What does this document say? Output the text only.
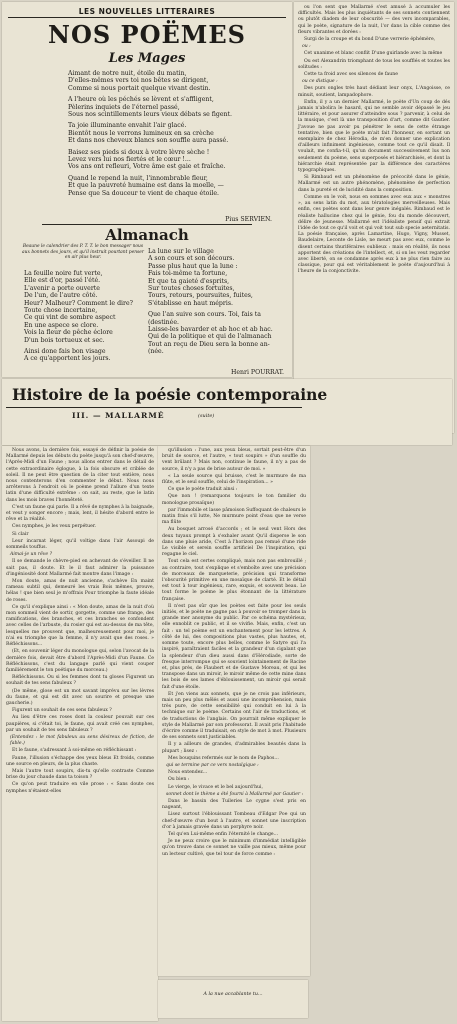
LES NOUVELLES LITTERAIRES
NOS POËMES
Les Mages
Aimant de notre nuit, étoile du matin,
D'elles-mêmes vers toi nos bêtes se dirigent,
Comme si nous portait quelque vivant destin.

A l'heure où les péchés se lèvent et s'affligent,
Pèlerins inquiets de l'éternel passé,
Sous nos scintillements leurs vieux débats se figent.

Ta joie illuminante envahit l'air glacé.
Bientôt nous le verrons lumineux en sa crèche
Et dans nos cheveux blancs son souffle aura passé.

Baisez ses pieds si doux à votre lèvre sèche !
Levez vers lui nos fiertés et le cœur !...
Vos ans ont refleuri, Votre âme est gaie et fraîche.

Quand le repend la nuit, l'innombrable fleur,
Et que la pauvreté humaine est dans la moelle, —
Pense que Sa douceur te vient de chaque étoile.
Pius SERVIEN.
Almanach
Beaune le calendrier des P. T. T. le bon messager nous aux bonnets des jours, et qu'il instruit pourtant penser en air plus heur.
La feuille noire fut verte,
Elle est d'or, passé l'été.
L'avenir a porte ouverte
De l'un, de l'autre côté.
Heur? Malheur? Comment le dire?
Toute chose incertaine,
Ce qui vint de sombre aspect
En une aspece se clore.
Vois la fleur de pêche éclore
D'un bois tortueux et sec.

Ainsi done fais bon visage
A ce qu'apportent les jours.
La lune sur le village
A son cours et son décours.
Passe plus haut que la lune :
Fais toi-même ta fortune,
Et que ta gaieté d'esprits,
Sur toutes choses fortuites,
Tours, retours, poursuites, fuites,
S'établisse en haut mépris.

Que l'an suive son cours. Toi, fais ta
(destinée.
Laisse-les bavarder et ab hoc et ab hac.
Qui de la politique et qui de l'almanach
Tout an reçu de Dieu sera la bonne an-
(née.
Henri POURRAT.

ou l'on sent que Mallarmé s'est amusé à accumuler les difficultés. Mais les plus inquiétants de ses sonnets contiennent ou plutôt diadem de leur obscurité — des vers incomparables, qui le poète, signature de la nuit, l'or dans la cible comme des fleurs vibrantes et dorées :

Surgi de la croupe et du bond D'une verrerie éphémère,

ou :

Cet unanime et blanc conflit D'une guirlande avec la même

Ou est Alexandrin triomphant de tous les soufflés et toutes les solitudes :

Cette ta froid avec ses silences de faune

ou ce distique :

Des purs ongles très haut dédiant leur onyx, L'Angoisse, ce minuit, soutient, lampadophore.

Enfin, il y a un dernier Mallarmé, le poète d'Un coup de dés jamais n'abolira le hasard, qui ne semble avoir dépassé le jeu littéraire, et pour assurer d'atteindre sous ? parvenir, à celui de la musique, c'est là une transposition d'art, comme dit Gautier. J'avoue ne pas avoir pu pénétrer le sens de cette étrange tentative, bien que le poète m'ait fait l'honneur, en sortant un exemplaire de chez Hérodia, de m'en donner une explication d'ailleurs infiniment ingénieuse, comme tout ce qu'il disait. Il voulait, me confia-t-il, qu'un document successivement lus non seulement du poème, sens superposés et hiérarchisés, et dont la hiérarchie était représentée par la différence des caractères typographiques.

Si Rimbaud est un phénomène de précocité dans le génie, Mallarmé est un autre phénomène, phénomène de perfection dans la pureté et de lucidité dans la composition.

Comme on le voit, nous en sommes avec eux aux « monstres », au sens latin du mot, aux tératologies merveilleuses. Mais enfin, ces poètes sont dans leur genre inégalés. Rimbaud est le réaliste hallucine chez qui le génie, fou du monde découvert, délire de jeunesse. Mallarmé est l'idéaliste pensif qui extrait l'idée de tout ce qu'il voit et qui voit tout sub specie aeternitatis. La poésie française, après Lamartine, Hugo, Vigny, Musset, Baudelaire, Leconte de Lisle, ne meurt pas avec eux, comme le disent certains thuriféraires oublieux : mais en réalité, ils nous apportent des créations de l'intellect, et, si on les veut regarder avec liberté, on se condamne après eux à ne plus rien faire au classique, pour qui est véritablement le poète d'aujourd'hui à l'heure de la conjonctivite.

Histoire de la poésie contemporaine
III. — MALLARMÉ	(suite)

Nous avons, la dernière fois, essayé de définir la poésie de Mallarmé depuis les débuts du poète jusqu'à son chef-d'œuvre, l'Après-Midi d'un Faune ; nous allons entrer dans le détail de cette extraordinaire églogue, à la fois obscure et criblée de soleil. Il ne peut être question de la citer tout entière, nous nous contenterons d'en commenter le début. Nous nous arrêterons à l'endroit où le poème prend l'allure d'un texte latin d'une difficulté extrême : on sait, au reste, que le latin dans les mois braves l'honnêteté.

C'est un faune qui parle. Il a rêvé de nymphes à la baignade, et veut y songer encore ; mais, lent, il hésite d'abord entre le rêve et la réalité.

Ces nymphes, je les veux perpétuer.

Si clair

Leur incarnat léger, qu'il voltige dans l'air Assoupi de sommeils touffus.

Aimai-je un rêve ?

Il se demande le chèvre-pied en achevant de s'éveiller. Il ne sait pas, il doute. Et le il faut admirer la puissance d'ingéniosité dont Mallarmé fait montre dans l'image :

Mon doute, amas de nuit ancienne, s'achève En maint rameau subtil qui, demeuré les vrais Bois mêmes, prouve, hélas ! que bien seul je m'offrais Pour triomphe la faute idéale de roses.

Ce qu'il s'explique ainsi : « Mon doute, amas de la nuit d'où mon sommeil vient de sortir, gorgette, comme une frange, des ramifications, des branches, et ces branches se confondent avec celles de l'arbuste, du rosier qui est au-dessus de ma tête, lesquelles me prouvent que, malheureusement pour moi, je n'ai eu triomphe que la femme, il n'y avait que des roses. » Réfléchissons...

(Et, en souvenir léger du monologue qui, selon l'avocat de la dernière fois, devait être d'abord l'Après-Midi d'un Faune. Ce Réfléchissons, c'est du langage parlé qui vient couper familièrement le ton poétique du morceau.)

Réfléchissons. Ou si les femmes dont tu gloses Figurent un souhait de tes sens fabuleux ?

(De même, glose est un mot savant imprévu sur les lèvres du faune, et qui est dit avec un sourire et presque une gaucherie.)

Figurent un souhait de ces sens fabuleux ?

Au lieu d'être ces roses dont la couleur pouvait sur ces paupières, si c'était toi, le faune, qui avait créé ces nymphes, par un souhait de tes sens fabuleux ?

(Entendez : le mot fabuleux au sens désireux de fiction, de fable.)

Et le faune, s'adressant à soi-même en réfléchissant :

Faune, l'illusion s'échappe des yeux bleus Et froids, comme une source en pleurs, de la plus chaste.

Mais l'autre tout soupirs, dis-tu qu'elle contraste Comme brise du jour chaude dans ta toison ?

Ce qu'on peut traduire en vile prose : « Sans doute ces nymphes n'étaient-elles

qu'illusion : l'une, aux yeux bleus, sortait peut-être d'un bruit de source, et l'autre, « tout soupirs » d'un souffle du vent brûlant ? Mais non, continue le faune, il n'y a pas de source, il n'y a pas de brise autour de moi. »

« La seule source qui bruisse, c'est le murmure de ma flûte, et le seul souffle, celui de l'inspiration... »

Ce que le poète traduit ainsi :

Que non ! (remarquons toujours le ton familier du monologue prosaïque)

par l'immobile et lasse pâmoison Suffoquant de chaleurs le matin frais s'il lutte, Ne murmure point d'eau que ne verse ma flûte

Au bosquet arrosé d'accords ; et le seul vent Hors des deux tuyaux prompt à s'exhaler avant Qu'il disperse le son dans une pluie aride, C'est à l'horizon pas remué d'une ride Le visible et serein souffle artificiel De l'inspiration, qui regagne le ciel.

Tout cela est certes compliqué, mais non pas embrouillé ; au contraire, tout s'explique et s'emboîte avec une précision de morceaux de marqueterie, précision qui transforme l'obscurité primitive en une mosaïque de clarté. Et le détail est tout à tour ingénieux, rare, exquis, et souvent beau. Le tout forme le poème le plus étonnant de la littérature française.

Il n'est pas sûr que les poètes est faite pour les seuls initiés, et le poète ne gagne pas à pouvoir se tromper dans la grande mer anonyme du public. Par ce schéma mystérieux, elle ennoblit ce public, et il se vivifie. Mais, enfin, c'est un fait : un tel poème est un enchantement pour les lettres. A côté de lui, des compositions plus vastes, plus hautes, et, somme toute, encore plus belles, comme le Satyre qui l'a inspiré, paraîtraient faciles et la grandeur d'un cigalant que la splendeur d'un dieu aussi dans d'Hérodiade, sorte de fresque interrompue qui se souvient lointainement de Racine et, plus près, de Flaubert et de Gustave Moreau, et qui les transpose dans un miroir, le miroir même de cette mine dans les bois de ses lames d'éblouissement, un miroir qui serait fait d'une étoile.

Et j'en viens aux sonnets, que je ne crois pas inférieurs, mais un peu plus mêlés et aussi une incompréhension, mais très pure, de cette sensibilité qui conduit en lui à la technique sur le poème. Certains ont l'air de traductions, et de traductions de l'anglais. On pourrait même expliquer le style de Mallarmé par son professorat. Il avait pris l'habitude d'écrire comme il traduisait, en style de mot à mot. Plusieurs de ses sonnets sont justiciables.

Il y a ailleurs de grandes, d'admirables beautés dans la plupart ; lisez :

Mes bouquins refermés sur le nom de Paphos...

qui se termine par ce vers nostalgique :

Nous entendez...

Ou bien :

Le vierge, le vivace et le bel aujourd'hui,

sonnet dont le thème a été fourni à Mallarmé par Gautier :

Dans le bassin des Tuileries Le cygne s'est pris en nageant,

Lisez surtout l'éblouissant Tombeau d'Edgar Poe qui un chef-d'œuvre d'un bout à l'autre, et sonnet une inscription d'or à jamais gravée dans un porphyre noir.

Tel qu'en Lui-même enfin l'éternité le change...

Je ne peux croire que le minimum d'immédiat intelligible qu'on trouve dans ce sonnet ne vaille pas mieux, même pour un lecteur cultivé, que tel tour de force comme :

A la nue accablante tu...
